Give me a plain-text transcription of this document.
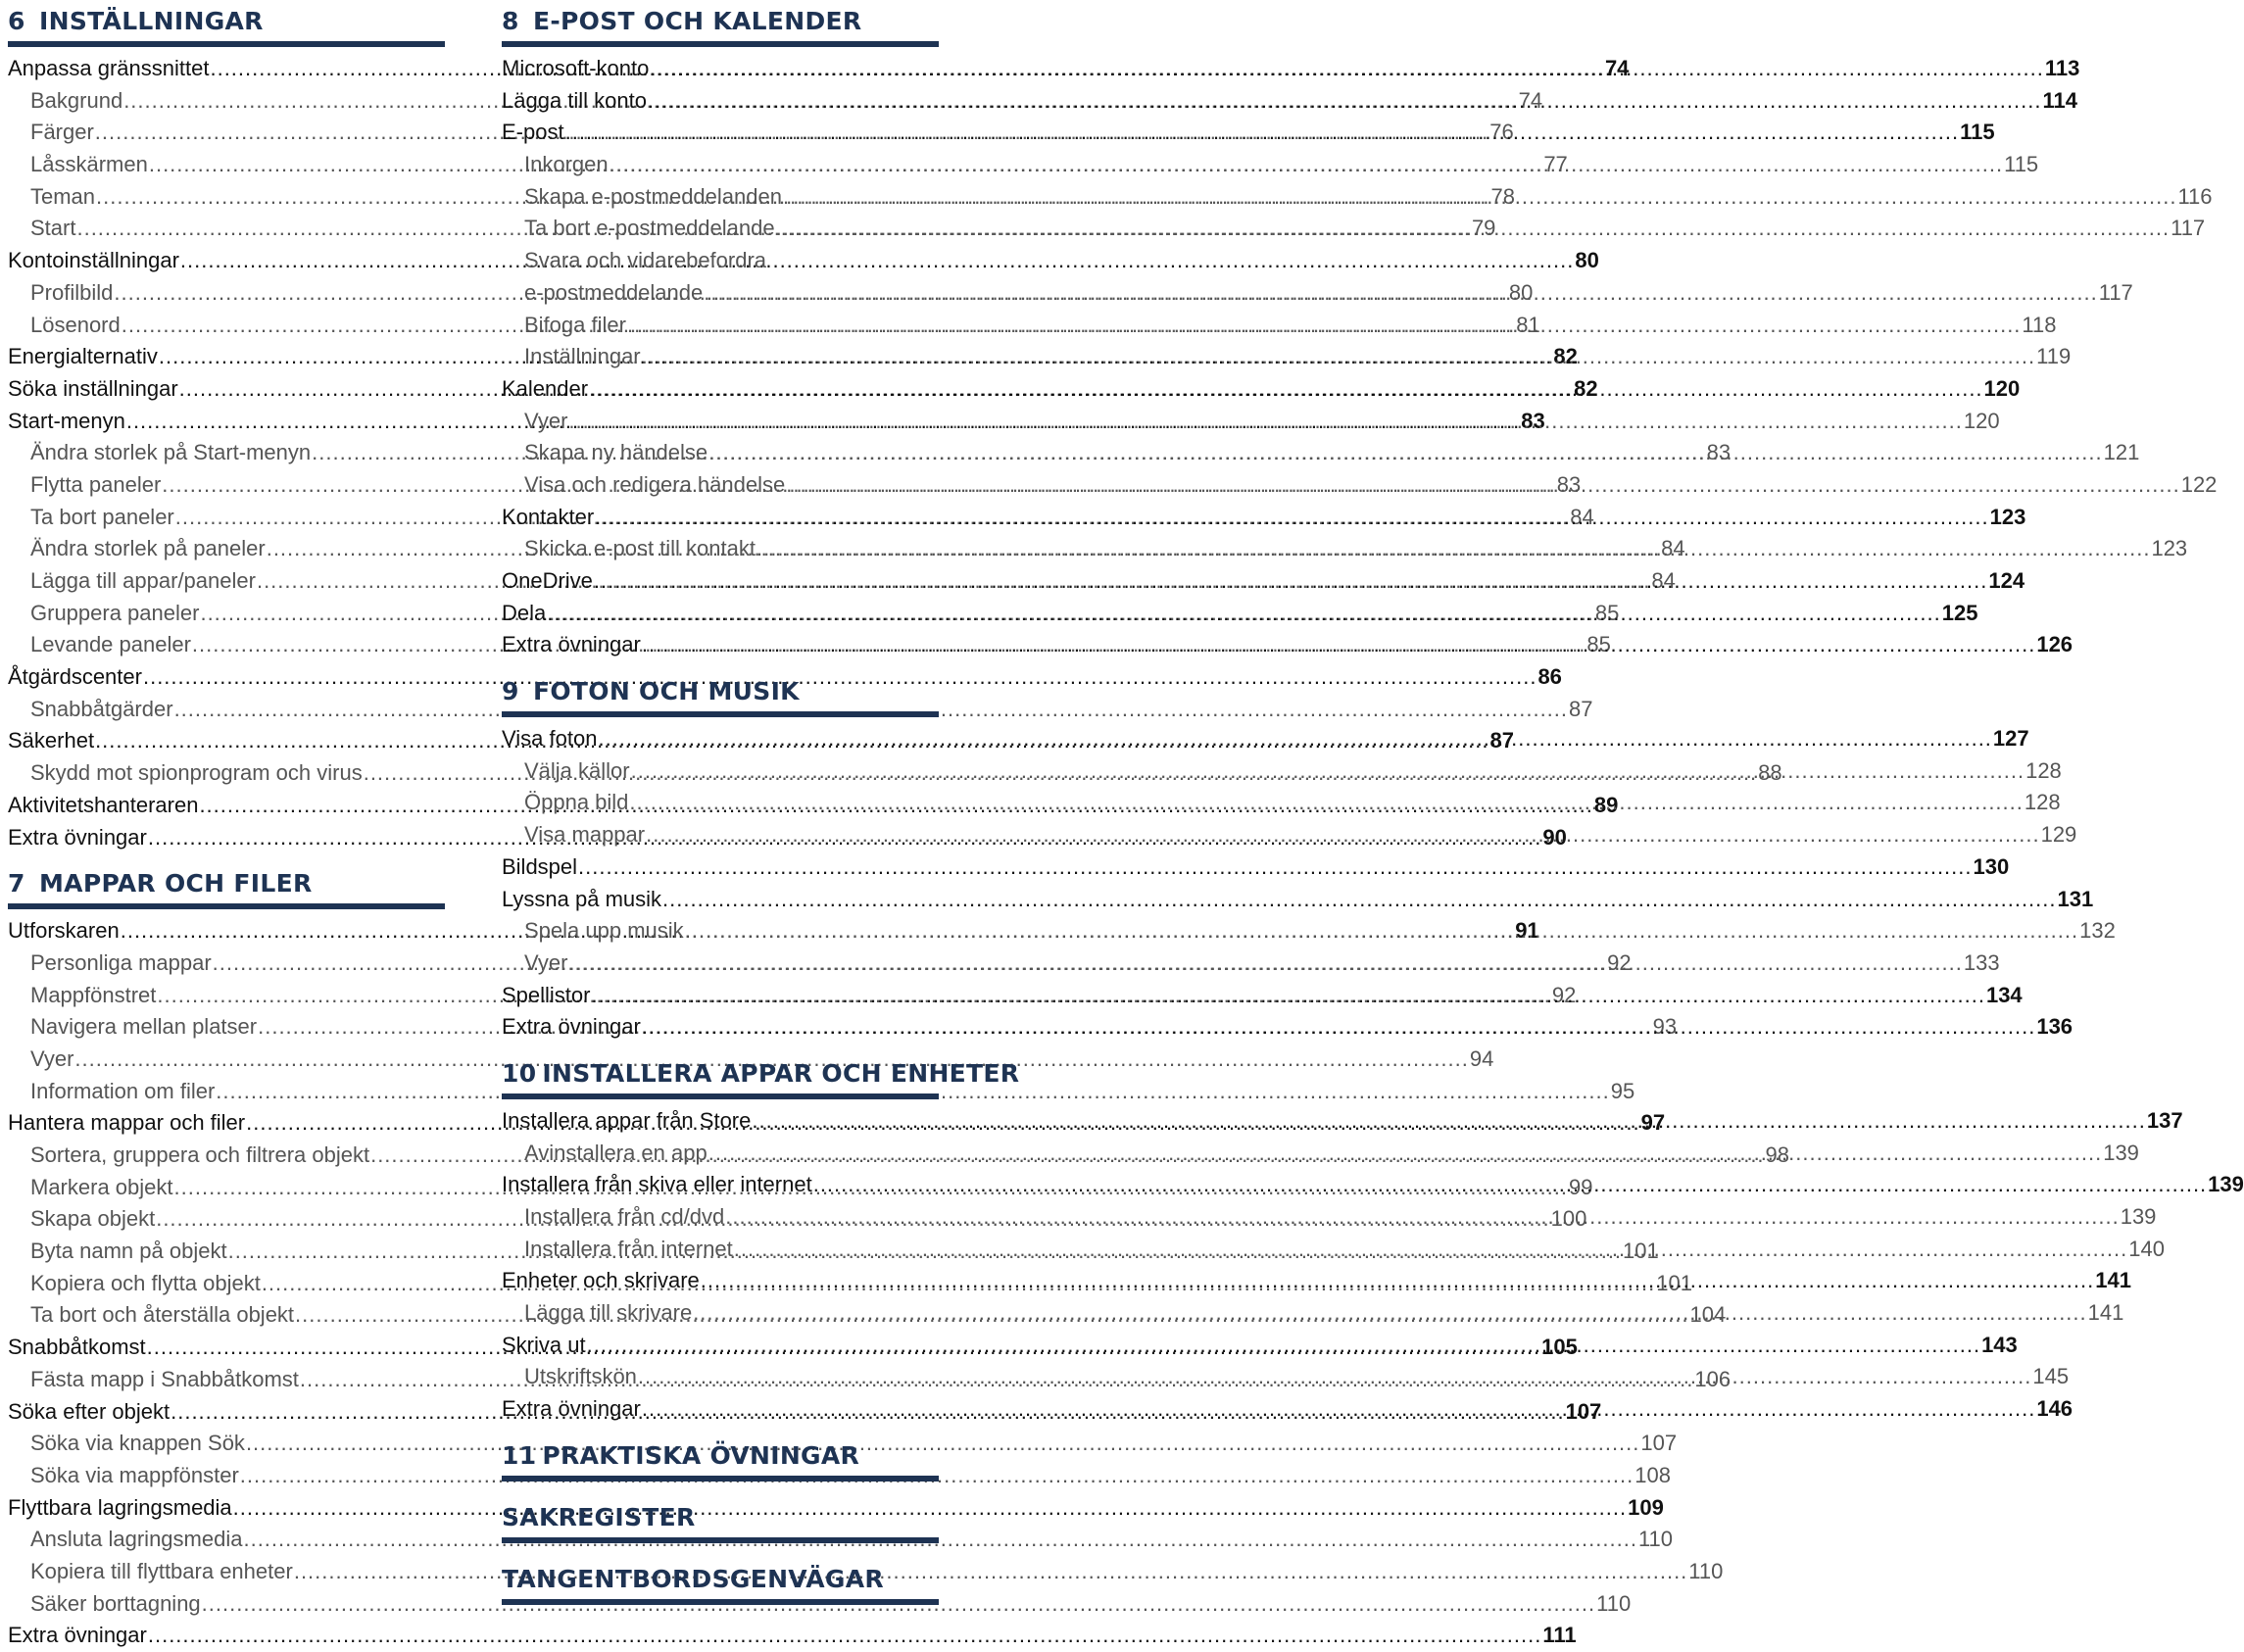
6 INSTÄLLNINGAR
Anpassa gränssnittet .....	74
Bakgrund .....	74
Färger .....	76
Låsskärmen .....	77
Teman .....	78
Start .....	79
Kontoinställningar .....	80
Profilbild .....	80
Lösenord .....	81
Energialternativ .....	82
Söka inställningar .....	82
Start-menyn .....	83
Ändra storlek på Start-menyn .....	83
Flytta paneler .....	83
Ta bort paneler .....	84
Ändra storlek på paneler .....	84
Lägga till appar/paneler .....	84
Gruppera paneler .....	85
Levande paneler .....	85
Åtgärdscenter .....	86
Snabbåtgärder .....	87
Säkerhet .....	87
Skydd mot spionprogram och virus .....	88
Aktivitetshanteraren .....	89
Extra övningar .....	90
7 MAPPAR OCH FILER
Utforskaren .....	91
Personliga mappar .....	92
Mappfönstret .....	92
Navigera mellan platser .....	93
Vyer .....	94
Information om filer .....	95
Hantera mappar och filer .....	97
Sortera, gruppera och filtrera objekt .....	98
Markera objekt .....	99
Skapa objekt .....	100
Byta namn på objekt .....	101
Kopiera och flytta objekt .....	101
Ta bort och återställa objekt .....	104
Snabbåtkomst .....	105
Fästa mapp i Snabbåtkomst .....	106
Söka efter objekt .....	107
Söka via knappen Sök .....	107
Söka via mappfönster .....	108
Flyttbara lagringsmedia .....	109
Ansluta lagringsmedia .....	110
Kopiera till flyttbara enheter .....	110
Säker borttagning .....	110
Extra övningar .....	111
8 E-POST OCH KALENDER
Microsoft-konto .....	113
Lägga till konto .....	114
E-post .....	115
Inkorgen .....	115
Skapa e-postmeddelanden .....	116
Ta bort e-postmeddelande .....	117
Svara och vidarebefordra
e-postmeddelande .....	117
Bifoga filer .....	118
Inställningar .....	119
Kalender .....	120
Vyer .....	120
Skapa ny händelse .....	121
Visa och redigera händelse .....	122
Kontakter .....	123
Skicka e-post till kontakt .....	123
OneDrive .....	124
Dela .....	125
Extra övningar .....	126
9 FOTON OCH MUSIK
Visa foton .....	127
Välja källor .....	128
Öppna bild .....	128
Visa mappar .....	129
Bildspel .....	130
Lyssna på musik .....	131
Spela upp musik .....	132
Vyer .....	133
Spellistor .....	134
Extra övningar .....	136
10 INSTALLERA APPAR OCH ENHETER
Installera appar från Store .....	137
Avinstallera en app .....	139
Installera från skiva eller internet .....	139
Installera från cd/dvd .....	139
Installera från internet .....	140
Enheter och skrivare .....	141
Lägga till skrivare .....	141
Skriva ut .....	143
Utskriftskön .....	145
Extra övningar .....	146
11 PRAKTISKA ÖVNINGAR
SAKREGISTER
TANGENTBORDSGENVÄGAR
